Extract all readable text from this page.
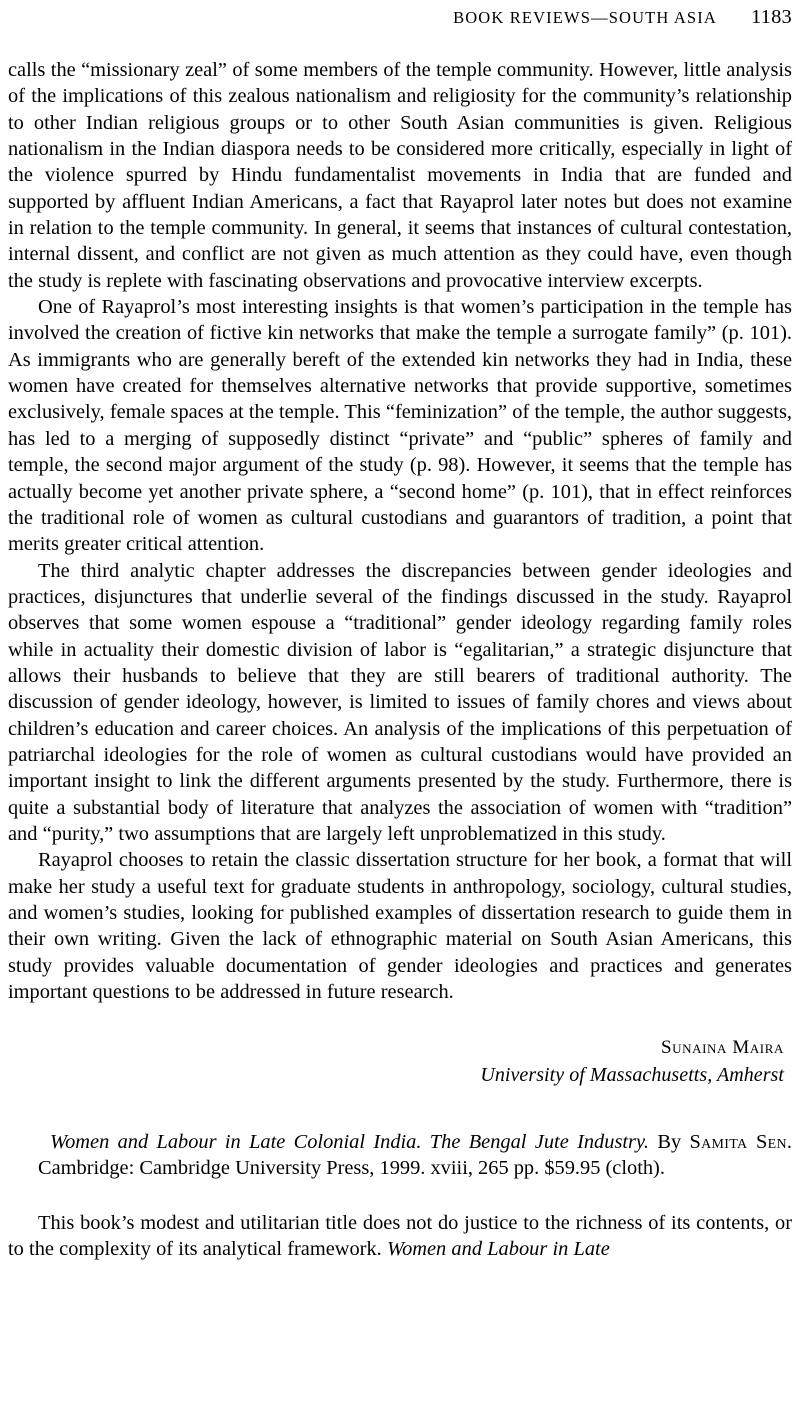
BOOK REVIEWS—SOUTH ASIA 1183

calls the “missionary zeal” of some members of the temple community. However, little analysis of the implications of this zealous nationalism and religiosity for the community’s relationship to other Indian religious groups or to other South Asian communities is given. Religious nationalism in the Indian diaspora needs to be considered more critically, especially in light of the violence spurred by Hindu fundamentalist movements in India that are funded and supported by affluent Indian Americans, a fact that Rayaprol later notes but does not examine in relation to the temple community. In general, it seems that instances of cultural contestation, internal dissent, and conflict are not given as much attention as they could have, even though the study is replete with fascinating observations and provocative interview excerpts.

One of Rayaprol’s most interesting insights is that women’s participation in the temple has involved the creation of fictive kin networks that make the temple a surrogate family” (p. 101). As immigrants who are generally bereft of the extended kin networks they had in India, these women have created for themselves alternative networks that provide supportive, sometimes exclusively, female spaces at the temple. This “feminization” of the temple, the author suggests, has led to a merging of supposedly distinct “private” and “public” spheres of family and temple, the second major argument of the study (p. 98). However, it seems that the temple has actually become yet another private sphere, a “second home” (p. 101), that in effect reinforces the traditional role of women as cultural custodians and guarantors of tradition, a point that merits greater critical attention.

The third analytic chapter addresses the discrepancies between gender ideologies and practices, disjunctures that underlie several of the findings discussed in the study. Rayaprol observes that some women espouse a “traditional” gender ideology regarding family roles while in actuality their domestic division of labor is “egalitarian,” a strategic disjuncture that allows their husbands to believe that they are still bearers of traditional authority. The discussion of gender ideology, however, is limited to issues of family chores and views about children’s education and career choices. An analysis of the implications of this perpetuation of patriarchal ideologies for the role of women as cultural custodians would have provided an important insight to link the different arguments presented by the study. Furthermore, there is quite a substantial body of literature that analyzes the association of women with “tradition” and “purity,” two assumptions that are largely left unproblematized in this study.

Rayaprol chooses to retain the classic dissertation structure for her book, a format that will make her study a useful text for graduate students in anthropology, sociology, cultural studies, and women’s studies, looking for published examples of dissertation research to guide them in their own writing. Given the lack of ethnographic material on South Asian Americans, this study provides valuable documentation of gender ideologies and practices and generates important questions to be addressed in future research.

Sunaina Maira
University of Massachusetts, Amherst
Women and Labour in Late Colonial India. The Bengal Jute Industry. By Samita Sen. Cambridge: Cambridge University Press, 1999. xviii, 265 pp. $59.95 (cloth).

This book’s modest and utilitarian title does not do justice to the richness of its contents, or to the complexity of its analytical framework. Women and Labour in Late
